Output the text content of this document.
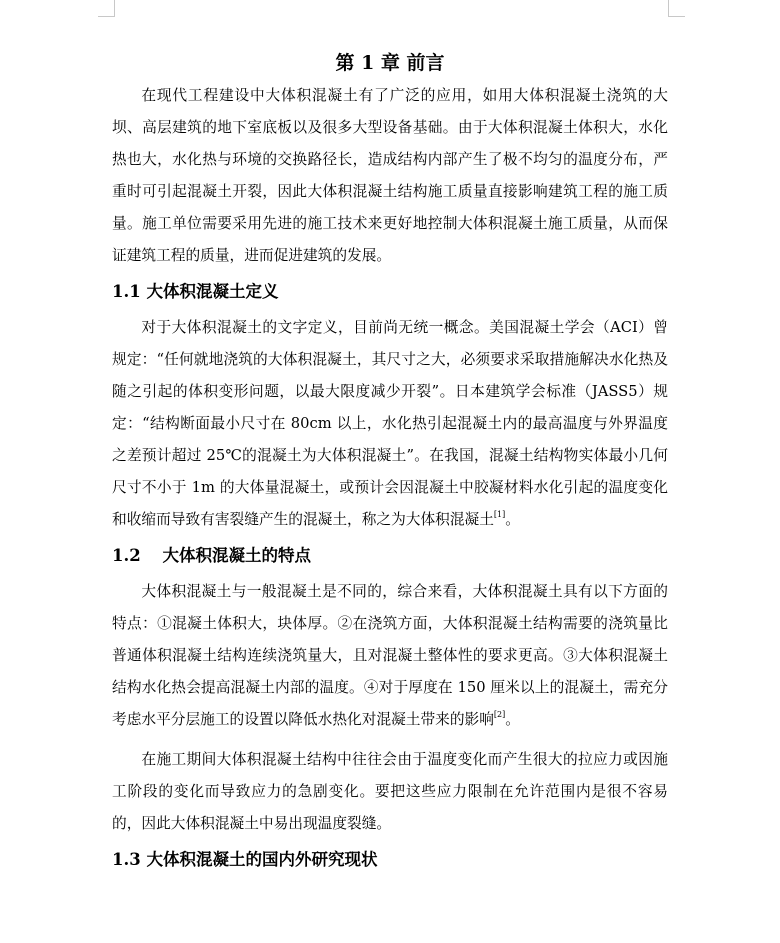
第 1 章 前言

在现代工程建设中大体积混凝土有了广泛的应用，如用大体积混凝土浇筑的大坝、高层建筑的地下室底板以及很多大型设备基础。由于大体积混凝土体积大，水化热也大，水化热与环境的交换路径长，造成结构内部产生了极不均匀的温度分布，严重时可引起混凝土开裂，因此大体积混凝土结构施工质量直接影响建筑工程的施工质量。施工单位需要采用先进的施工技术来更好地控制大体积混凝土施工质量，从而保证建筑工程的质量，进而促进建筑的发展。

1.1 大体积混凝土定义

对于大体积混凝土的文字定义，目前尚无统一概念。美国混凝土学会（ACI）曾规定：“任何就地浇筑的大体积混凝土，其尺寸之大，必须要求采取措施解决水化热及随之引起的体积变形问题，以最大限度减少开裂”。日本建筑学会标准（JASS5）规定：“结构断面最小尺寸在 80cm 以上，水化热引起混凝土内的最高温度与外界温度之差预计超过 25℃的混凝土为大体积混凝土”。在我国，混凝土结构物实体最小几何尺寸不小于 1m 的大体量混凝土，或预计会因混凝土中胶凝材料水化引起的温度变化和收缩而导致有害裂缝产生的混凝土，称之为大体积混凝土[1]。

1.2 大体积混凝土的特点

大体积混凝土与一般混凝土是不同的，综合来看，大体积混凝土具有以下方面的特点：①混凝土体积大，块体厚。②在浇筑方面，大体积混凝土结构需要的浇筑量比普通体积混凝土结构连续浇筑量大，且对混凝土整体性的要求更高。③大体积混凝土结构水化热会提高混凝土内部的温度。④对于厚度在 150 厘米以上的混凝土，需充分考虑水平分层施工的设置以降低水热化对混凝土带来的影响[2]。

在施工期间大体积混凝土结构中往往会由于温度变化而产生很大的拉应力或因施工阶段的变化而导致应力的急剧变化。要把这些应力限制在允许范围内是很不容易的，因此大体积混凝土中易出现温度裂缝。

1.3 大体积混凝土的国内外研究现状
